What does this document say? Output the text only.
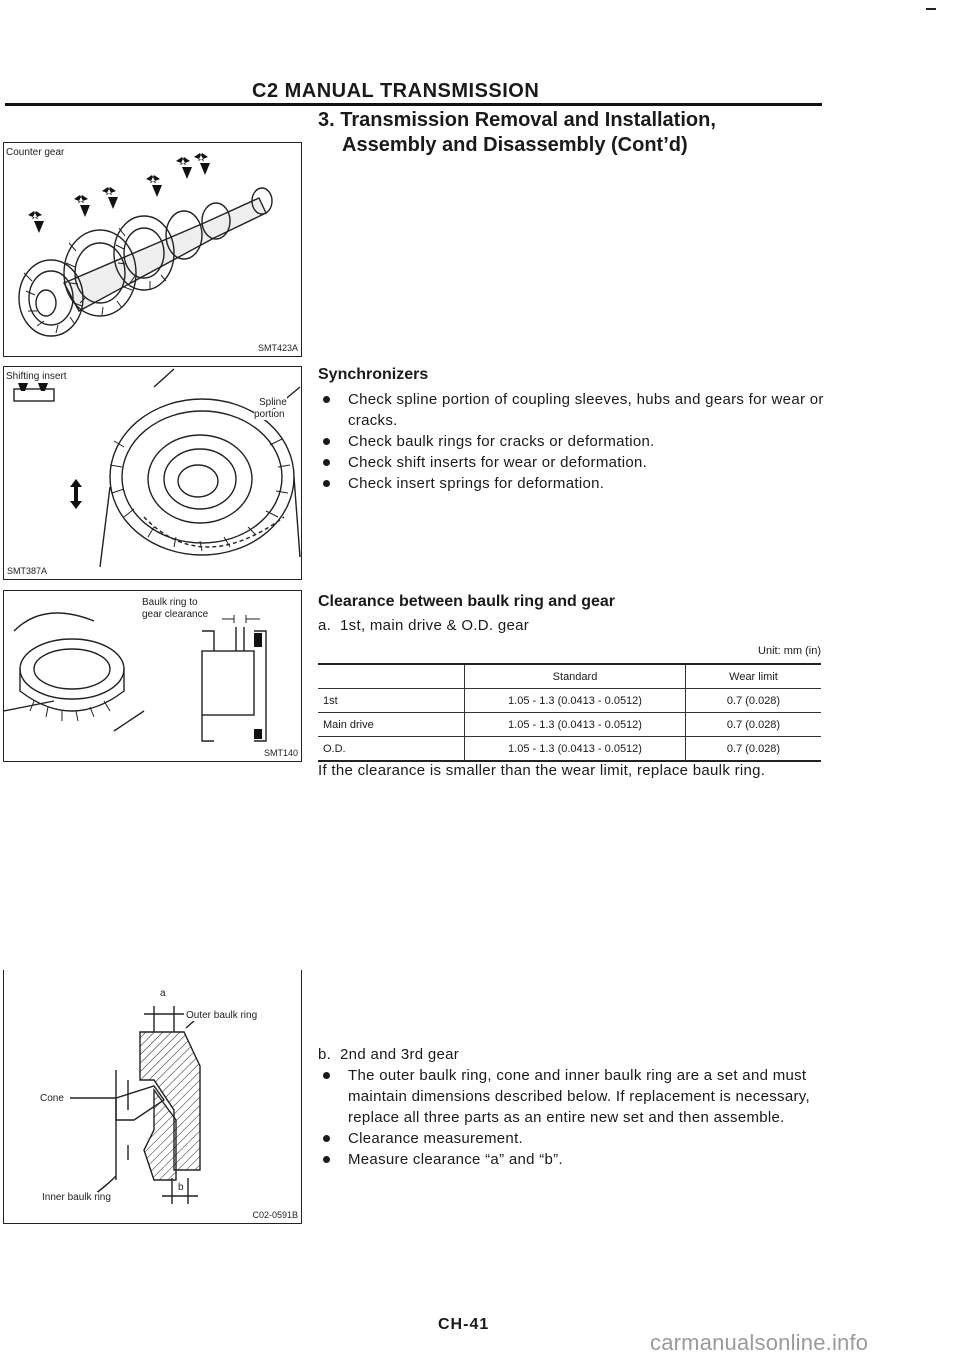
C2 MANUAL TRANSMISSION
3. Transmission Removal and Installation,
Assembly and Disassembly (Cont’d)
Counter gear
SMT423A
Shifting insert
Spline
portion
SMT387A
Baulk ring to
gear clearance
SMT140
a
Outer baulk ring
Cone
Inner baulk ring
b
C02-0591B
Synchronizers
Check spline portion of coupling sleeves, hubs and gears for wear or cracks.
Check baulk rings for cracks or deformation.
Check shift inserts for wear or deformation.
Check insert springs for deformation.
Clearance between baulk ring and gear
a.  1st, main drive & O.D. gear
Unit: mm (in)
	Standard	Wear limit
1st	1.05 - 1.3 (0.0413 - 0.0512)	0.7 (0.028)
Main drive	1.05 - 1.3 (0.0413 - 0.0512)	0.7 (0.028)
O.D.	1.05 - 1.3 (0.0413 - 0.0512)	0.7 (0.028)
If the clearance is smaller than the wear limit, replace baulk ring.
b.  2nd and 3rd gear
The outer baulk ring, cone and inner baulk ring are a set and must maintain dimensions described below. If replacement is necessary, replace all three parts as an entire new set and then assemble.
Clearance measurement.
Measure clearance “a” and “b”.
CH-41
carmanualsonline.info
